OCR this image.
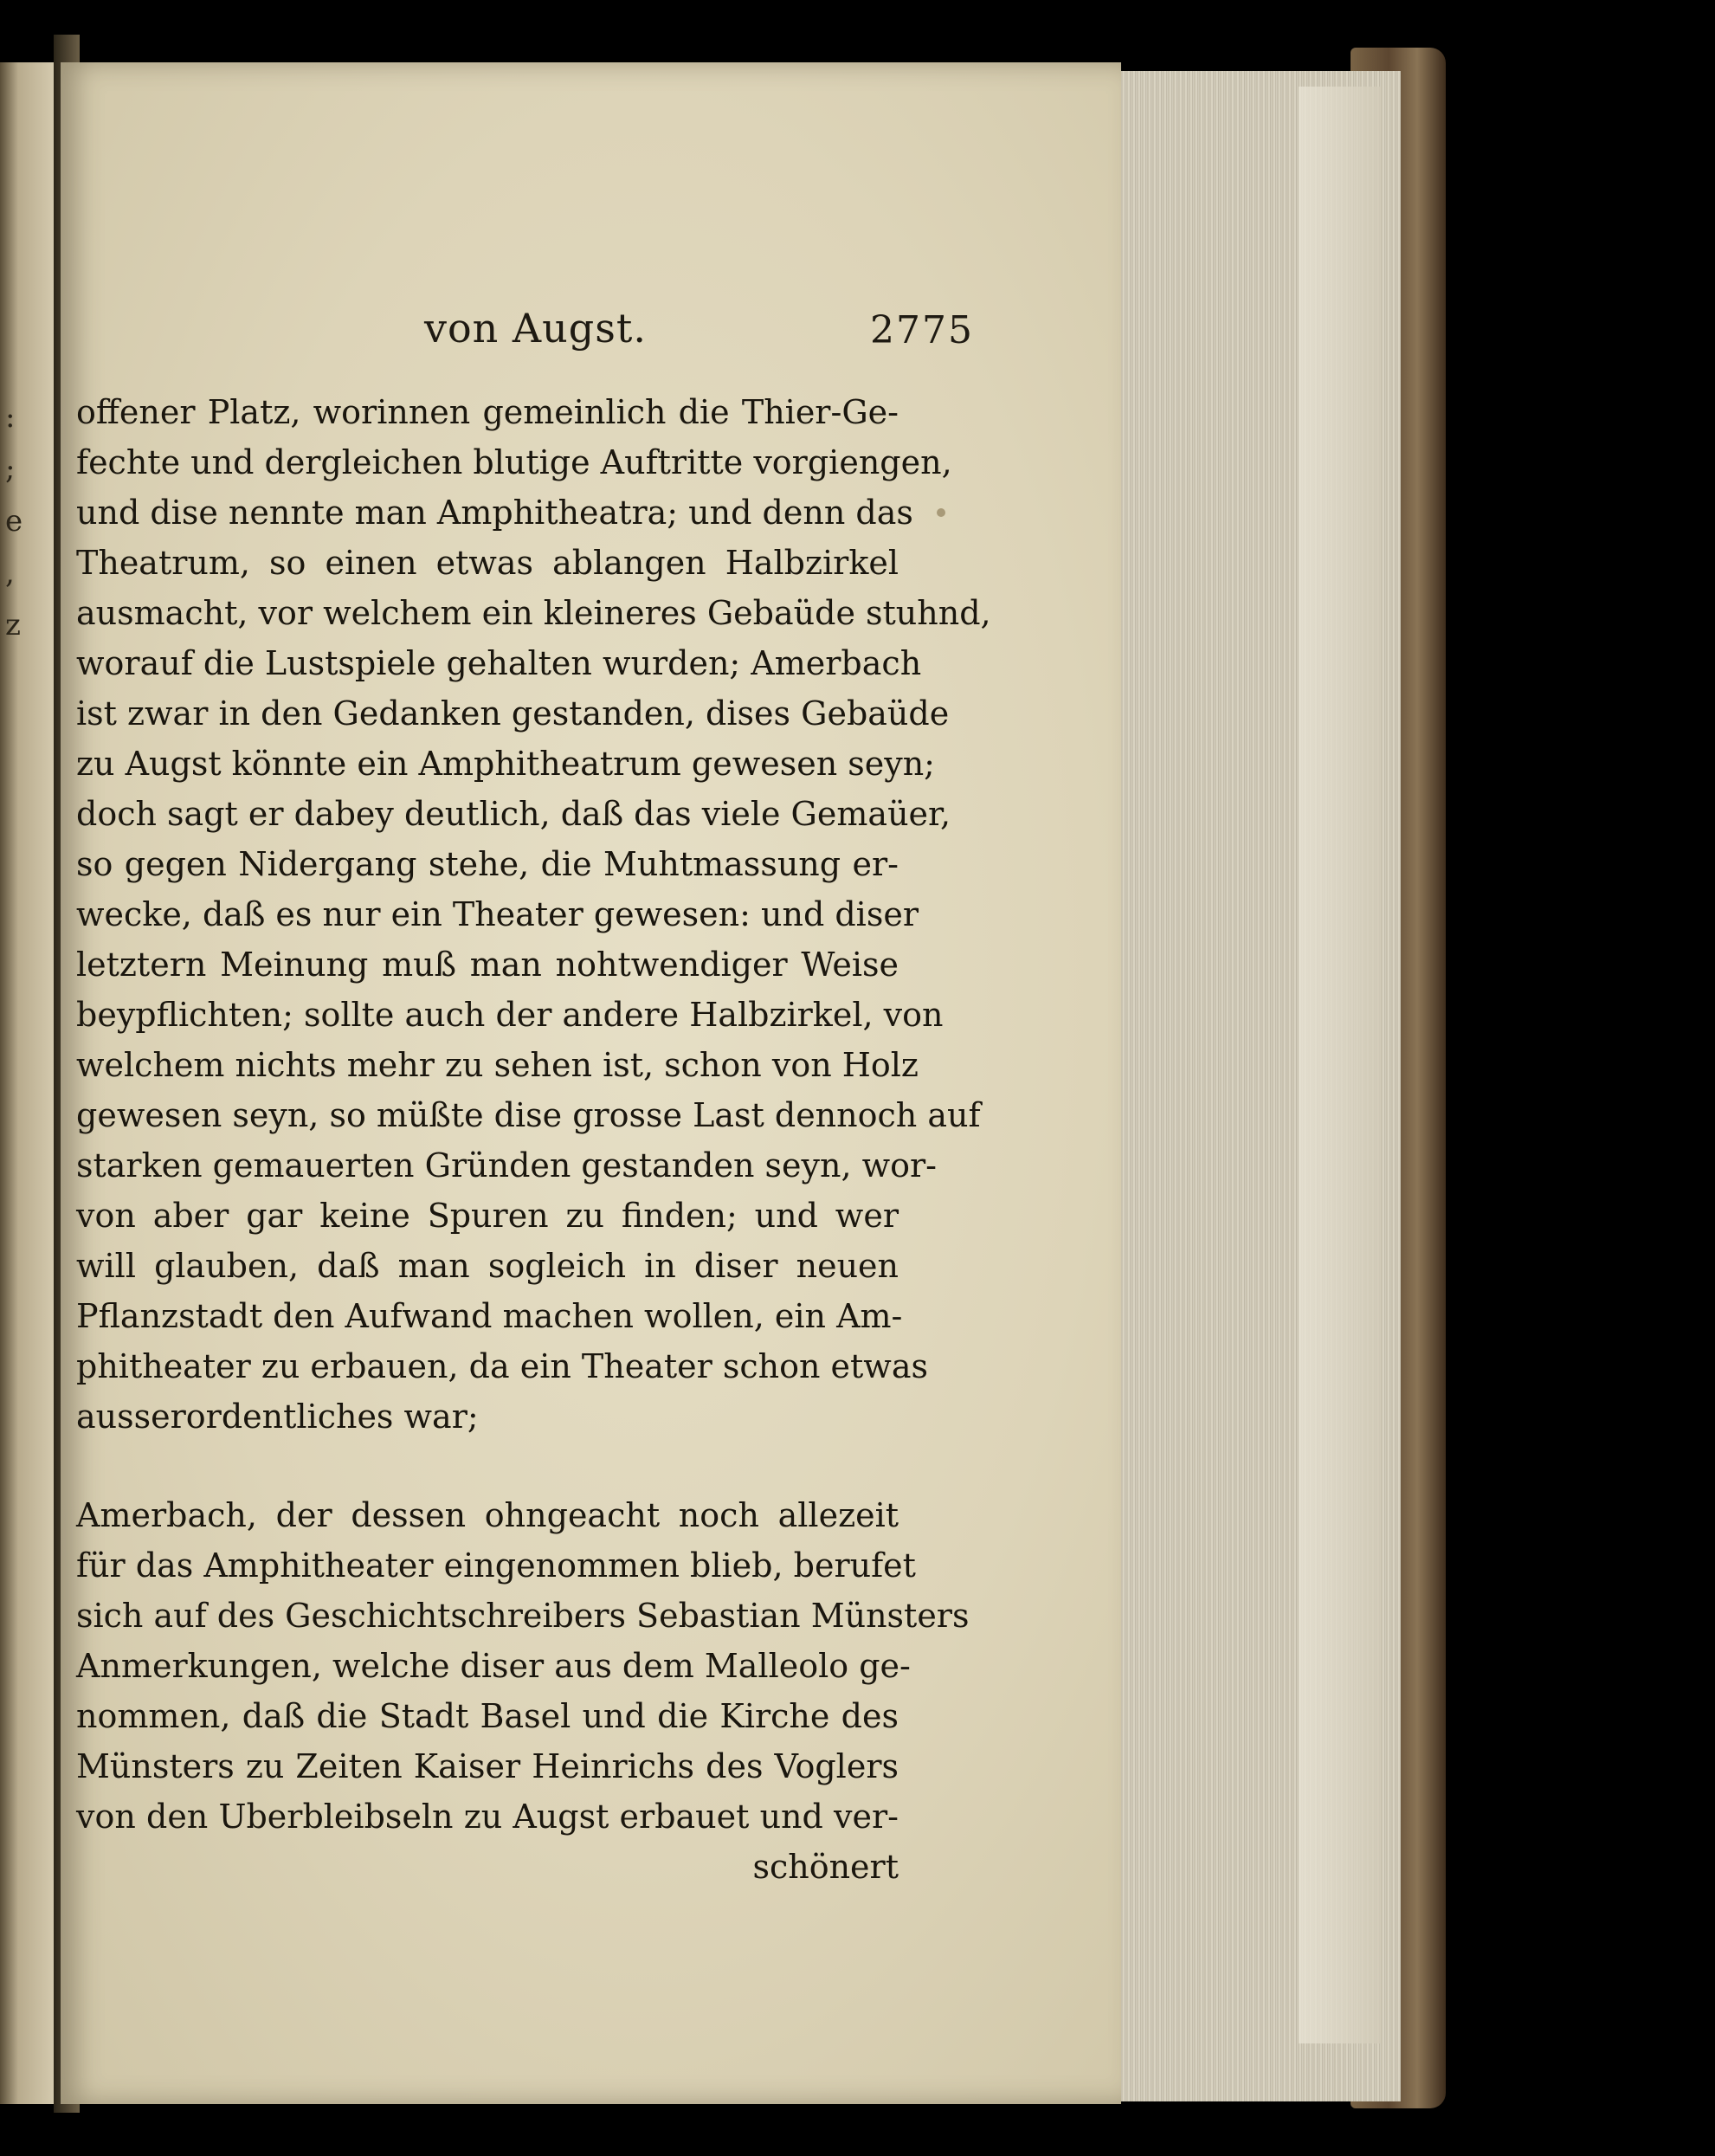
:
;
e
,
z
von Augst.	2775
offener Platz, worinnen gemeinlich die Thier-Ge-
fechte und dergleichen blutige Auftritte vorgiengen,
und dise nennte man Amphitheatra; und denn das
Theatrum, so einen etwas ablangen Halbzirkel
ausmacht, vor welchem ein kleineres Gebaüde stuhnd,
worauf die Lustspiele gehalten wurden; Amerbach
ist zwar in den Gedanken gestanden, dises Gebaüde
zu Augst könnte ein Amphitheatrum gewesen seyn;
doch sagt er dabey deutlich, daß das viele Gemaüer,
so gegen Nidergang stehe, die Muhtmassung er-
wecke, daß es nur ein Theater gewesen: und diser
letztern Meinung muß man nohtwendiger Weise
beypflichten; sollte auch der andere Halbzirkel, von
welchem nichts mehr zu sehen ist, schon von Holz
gewesen seyn, so müßte dise grosse Last dennoch auf
starken gemauerten Gründen gestanden seyn, wor-
von aber gar keine Spuren zu finden; und wer
will glauben, daß man sogleich in diser neuen
Pflanzstadt den Aufwand machen wollen, ein Am-
phitheater zu erbauen, da ein Theater schon etwas
ausserordentliches war;
Amerbach, der dessen ohngeacht noch allezeit
für das Amphitheater eingenommen blieb, berufet
sich auf des Geschichtschreibers Sebastian Münsters
Anmerkungen, welche diser aus dem Malleolo ge-
nommen, daß die Stadt Basel und die Kirche des
Münsters zu Zeiten Kaiser Heinrichs des Voglers
von den Uberbleibseln zu Augst erbauet und ver-
schönert
